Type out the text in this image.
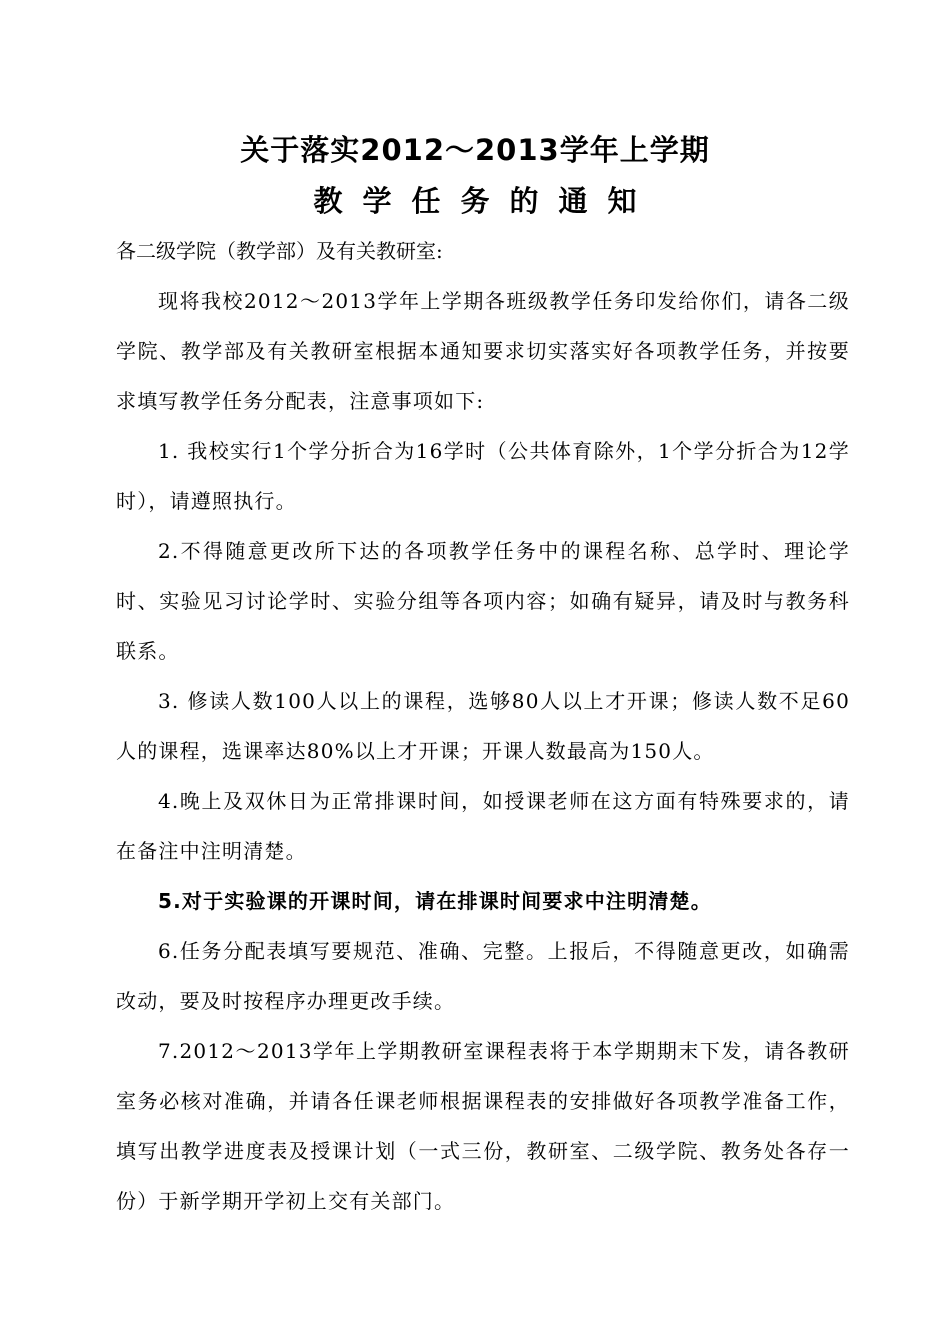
关于落实2012～2013学年上学期
教学任务的通知

各二级学院（教学部）及有关教研室:

现将我校2012～2013学年上学期各班级教学任务印发给你们，请各二级学院、教学部及有关教研室根据本通知要求切实落实好各项教学任务，并按要求填写教学任务分配表，注意事项如下:

1. 我校实行1个学分折合为16学时（公共体育除外，1个学分折合为12学时），请遵照执行。

2.不得随意更改所下达的各项教学任务中的课程名称、总学时、理论学时、实验见习讨论学时、实验分组等各项内容；如确有疑异，请及时与教务科联系。

3. 修读人数100人以上的课程，选够80人以上才开课；修读人数不足60人的课程，选课率达80%以上才开课；开课人数最高为150人。

4.晚上及双休日为正常排课时间，如授课老师在这方面有特殊要求的，请在备注中注明清楚。

5.对于实验课的开课时间，请在排课时间要求中注明清楚。

6.任务分配表填写要规范、准确、完整。上报后，不得随意更改，如确需改动，要及时按程序办理更改手续。

7.2012～2013学年上学期教研室课程表将于本学期期末下发，请各教研室务必核对准确，并请各任课老师根据课程表的安排做好各项教学准备工作，填写出教学进度表及授课计划（一式三份，教研室、二级学院、教务处各存一份）于新学期开学初上交有关部门。
